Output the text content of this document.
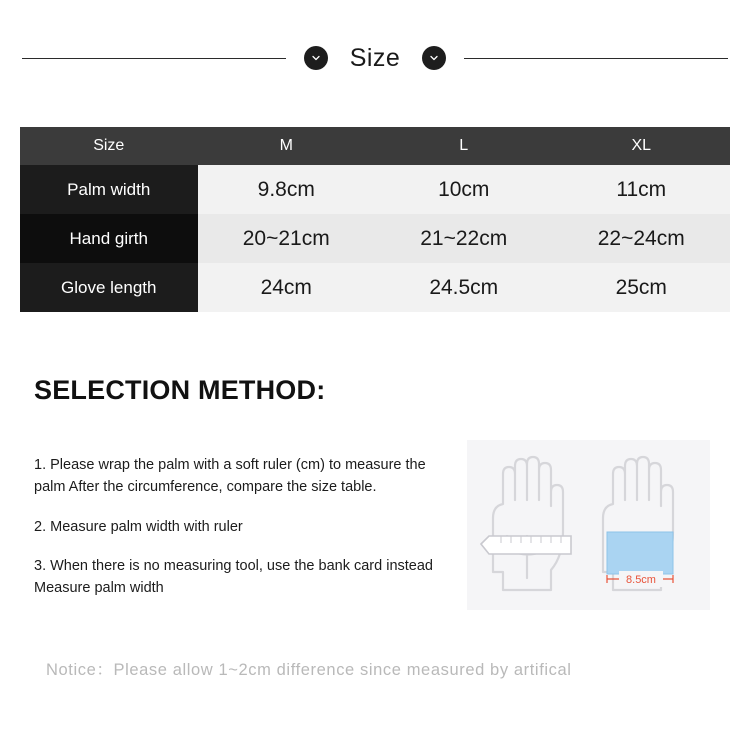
Size
Size	M	L	XL
Palm width	9.8cm	10cm	11cm
Hand girth	20~21cm	21~22cm	22~24cm
Glove length	24cm	24.5cm	25cm
SELECTION METHOD:
1. Please wrap the palm with a soft ruler (cm) to measure the palm After the circumference, compare the size table.
2. Measure palm width with ruler
3. When there is no measuring tool, use the bank card instead Measure palm width	8.5cm
Notice：Please allow 1~2cm difference since measured by artifical
